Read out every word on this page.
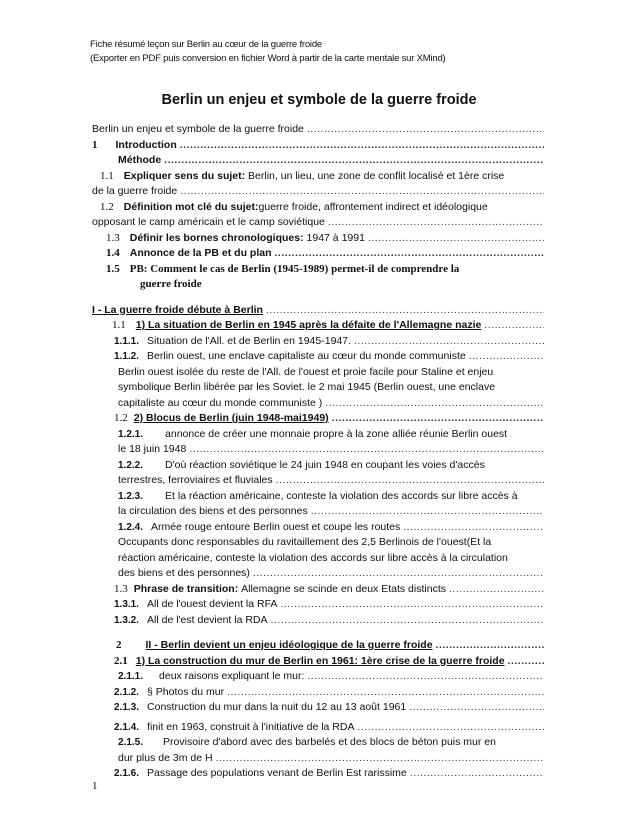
Fiche résumé leçon sur Berlin au cœur de la guerre froide
(Exporter en PDF puis conversion en fichier Word à partir de la carte mentale sur XMind)
Berlin un enjeu et symbole de la guerre froide
Berlin un enjeu et symbole de la guerre froide
.....
1 Introduction
.....
Méthode
.....
1.1 Expliquer sens du sujet:
Berlin, un lieu, une zone de conflit localisé et 1ère crise
de la guerre froide
.....
1.2 Définition mot clé du sujet: guerre froide, affrontement indirect et idéologique
opposant le camp américain et le camp soviétique
.....
1.3 Définir les bornes chronologiques:
1947 à 1991
.....
1.4 Annonce de la PB et du plan
.....
1.5 PB: Comment le cas de Berlin (1945-1989) permet-il de comprendre la
guerre froide
I - La guerre froide débute à Berlin
.....
1.1 1) La situation de Berlin en 1945 après la défaite de l'Allemagne nazie
.....
1.1.1. Situation de l'All. et de Berlin en 1945-1947.
.....
1.1.2. Berlin ouest, une enclave capitaliste au cœur du monde communiste
.....
Berlin ouest isolée du reste de l'All. de l'ouest et proie facile pour Staline et enjeu
symbolique Berlin libérée par les Soviet. le 2 mai 1945 (Berlin ouest, une enclave
capitaliste au cœur du monde communiste )
.....
1.2 2) Blocus de Berlin (juin 1948-mai1949)
.....
1.2.1. annonce de créer une monnaie propre à la zone alliée réunie Berlin ouest
le 18 juin 1948
.....
1.2.2. D'où réaction soviétique le 24 juin 1948 en coupant les voies d'accès
terrestres, ferroviaires et fluviales
.....
1.2.3. Et la réaction américaine, conteste la violation des accords sur libre accès à
la circulation des biens et des personnes
.....
1.2.4. Armée rouge entoure Berlin ouest et coupe les routes
.....
Occupants donc responsables du ravitaillement des 2,5 Berlinois de l'ouest(Et la
réaction américaine, conteste la violation des accords sur libre accès à la circulation
des biens et des personnes)
.....
1.3 Phrase de transition:
Allemagne se scinde en deux Etats distincts
.....
1.3.1. All de l'ouest devient la RFA
.....
1.3.2. All de l'est devient la RDA
.....
2 II - Berlin devient un enjeu idéologique de la guerre froide
.....
2.1 1) La construction du mur de Berlin en 1961: 1ère crise de la guerre froide
.....
2.1.1. deux raisons expliquant le mur:
.....
2.1.2. § Photos du mur
.....
2.1.3. Construction du mur dans la nuit du 12 au 13 août 1961
.....
2.1.4. finit en 1963, construit à l'initiative de la RDA
.....
2.1.5. Provisoire d'abord avec des barbelés et des blocs de béton puis mur en
dur plus de 3m de H
.....
2.1.6. Passage des populations venant de Berlin Est rarissime
.....
1
